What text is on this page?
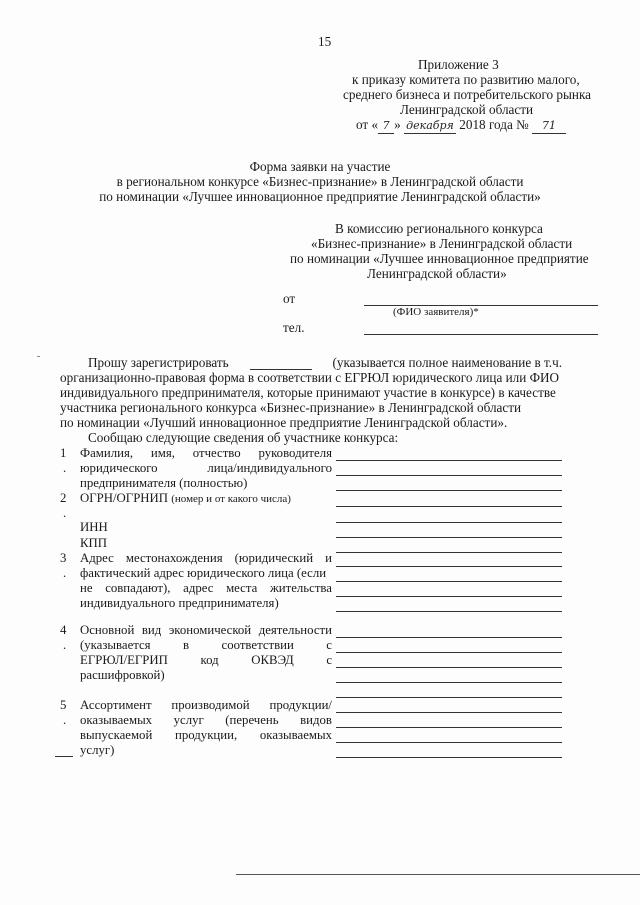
15
Приложение 3
к приказу комитета по развитию малого,
среднего бизнеса и потребительского рынка
Ленинградской области
от « 7 » декабря 2018 года № 71
Форма заявки на участие
в региональном конкурсе «Бизнес-признание» в Ленинградской области
по номинации «Лучшее инновационное предприятие Ленинградской области»
В комиссию регионального конкурса
«Бизнес-признание» в Ленинградской области
по номинации «Лучшее инновационное предприятие
Ленинградской области»
от
(ФИО заявителя)*
тел.
Прошу зарегистрировать	(указывается полное наименование в т.ч.
организационно-правовая форма в соответствии с ЕГРЮЛ юридического лица или ФИО
индивидуального предпринимателя, которые принимают участие в конкурсе) в качестве
участника регионального конкурса «Бизнес-признание» в Ленинградской области
по номинации «Лучший инновационное предприятие Ленинградской области».
Сообщаю следующие сведения об участнике конкурса:
1
.
Фамилия, имя, отчество руководителя
юридического	лица/индивидуального
предпринимателя (полностью)
2
.
ОГРН/ОГРНИП (номер и от какого числа)
ИНН
КПП
3
.
Адрес местонахождения (юридический и
фактический адрес юридического лица (если
не совпадают), адрес места жительства
индивидуального предпринимателя)
4
.
Основной вид экономической деятельности
(указывается	в	соответствии	с
ЕГРЮЛ/ЕГРИП	код	ОКВЭД	с
расшифровкой)
5
.
Ассортимент производимой продукции/
оказываемых услуг (перечень видов
выпускаемой продукции, оказываемых
услуг)
